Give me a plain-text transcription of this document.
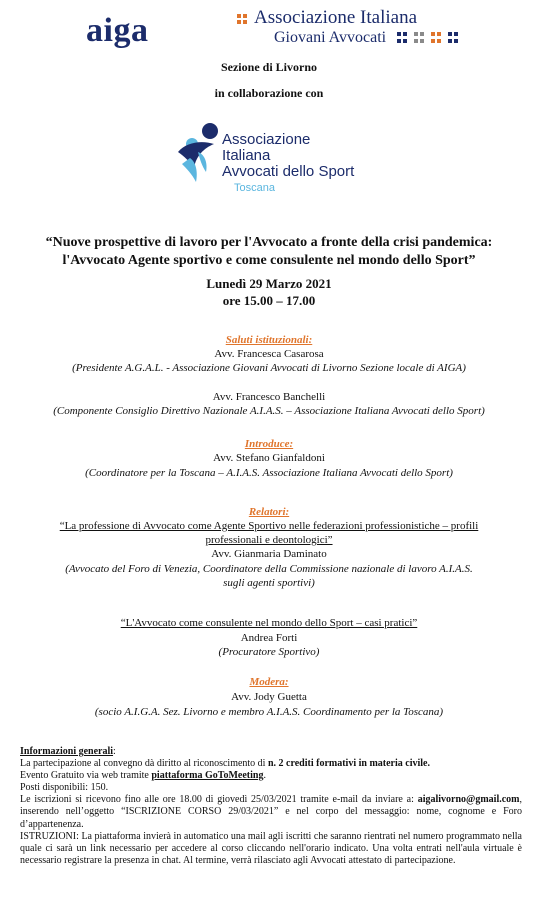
aiga	Associazione Italiana
Giovani Avvocati
Sezione di Livorno
in collaborazione con
Associazione
Italiana
Avvocati dello Sport
Toscana
“Nuove prospettive di lavoro per l'Avvocato a fronte della crisi pandemica:
l'Avvocato Agente sportivo e come consulente nel mondo dello Sport”
Lunedì 29 Marzo 2021
ore 15.00 – 17.00
Saluti istituzionali:
Avv. Francesca Casarosa
(Presidente A.G.A.L. - Associazione Giovani Avvocati di Livorno Sezione locale di AIGA)
Avv. Francesco Banchelli
(Componente Consiglio Direttivo Nazionale A.I.A.S. – Associazione Italiana Avvocati dello Sport)
Introduce:
Avv. Stefano Gianfaldoni
(Coordinatore per la Toscana – A.I.A.S. Associazione Italiana Avvocati dello Sport)
Relatori:
“La professione di Avvocato come Agente Sportivo nelle federazioni professionistiche – profili
professionali e deontologici”
Avv. Gianmaria Daminato
(Avvocato del Foro di Venezia, Coordinatore della Commissione nazionale di lavoro A.I.A.S.
sugli agenti sportivi)
“L'Avvocato come consulente nel mondo dello Sport – casi pratici”
Andrea Forti
(Procuratore Sportivo)
Modera:
Avv. Jody Guetta
(socio A.I.G.A. Sez. Livorno e membro A.I.A.S. Coordinamento per la Toscana)

Informazioni generali:

La partecipazione al convegno dà diritto al riconoscimento di n. 2 crediti formativi in materia civile.

Evento Gratuito via web tramite piattaforma GoToMeeting.

Posti disponibili: 150.

Le iscrizioni si ricevono fino alle ore 18.00 di giovedì 25/03/2021 tramite e-mail da inviare a: aigalivorno@gmail.com, inserendo nell’oggetto “ISCRIZIONE CORSO 29/03/2021” e nel corpo del messaggio: nome, cognome e Foro d’appartenenza.

ISTRUZIONI: La piattaforma invierà in automatico una mail agli iscritti che saranno rientrati nel numero programmato nella quale ci sarà un link necessario per accedere al corso cliccando nell'orario indicato. Una volta entrati nell'aula virtuale è necessario registrare la presenza in chat. Al termine, verrà rilasciato agli Avvocati attestato di partecipazione.
